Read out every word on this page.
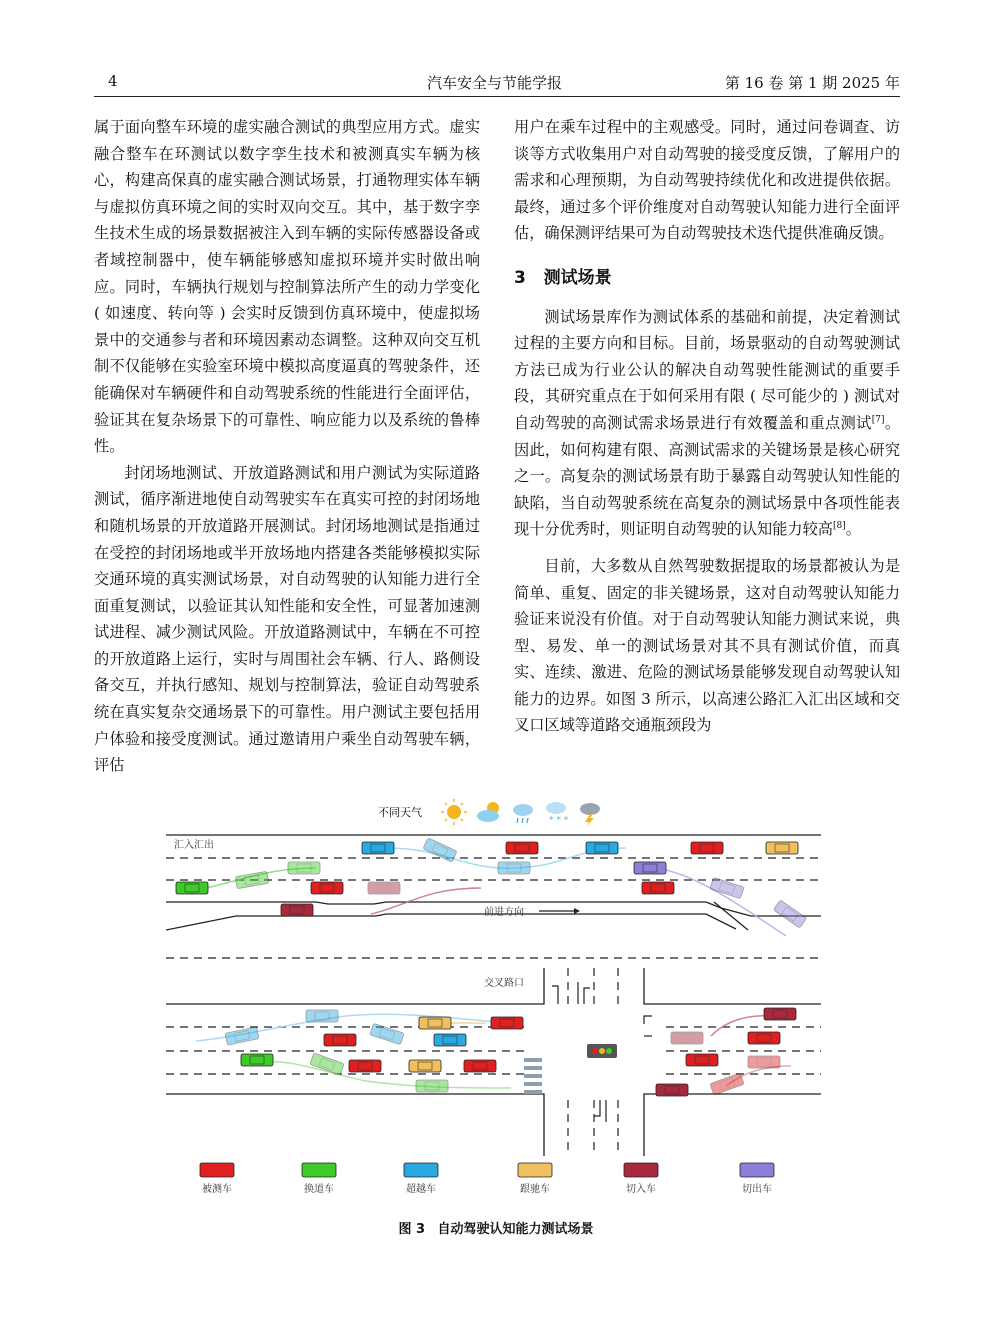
4	汽车安全与节能学报	第 16 卷 第 1 期 2025 年

属于面向整车环境的虚实融合测试的典型应用方式。虚实融合整车在环测试以数字孪生技术和被测真实车辆为核心，构建高保真的虚实融合测试场景，打通物理实体车辆与虚拟仿真环境之间的实时双向交互。其中，基于数字孪生技术生成的场景数据被注入到车辆的实际传感器设备或者域控制器中，使车辆能够感知虚拟环境并实时做出响应。同时，车辆执行规划与控制算法所产生的动力学变化 ( 如速度、转向等 ) 会实时反馈到仿真环境中，使虚拟场景中的交通参与者和环境因素动态调整。这种双向交互机制不仅能够在实验室环境中模拟高度逼真的驾驶条件，还能确保对车辆硬件和自动驾驶系统的性能进行全面评估，验证其在复杂场景下的可靠性、响应能力以及系统的鲁棒性。

封闭场地测试、开放道路测试和用户测试为实际道路测试，循序渐进地使自动驾驶实车在真实可控的封闭场地和随机场景的开放道路开展测试。封闭场地测试是指通过在受控的封闭场地或半开放场地内搭建各类能够模拟实际交通环境的真实测试场景，对自动驾驶的认知能力进行全面重复测试，以验证其认知性能和安全性，可显著加速测试进程、减少测试风险。开放道路测试中，车辆在不可控的开放道路上运行，实时与周围社会车辆、行人、路侧设备交互，并执行感知、规划与控制算法，验证自动驾驶系统在真实复杂交通场景下的可靠性。用户测试主要包括用户体验和接受度测试。通过邀请用户乘坐自动驾驶车辆，评估

用户在乘车过程中的主观感受。同时，通过问卷调查、访谈等方式收集用户对自动驾驶的接受度反馈，了解用户的需求和心理预期，为自动驾驶持续优化和改进提供依据。最终，通过多个评价维度对自动驾驶认知能力进行全面评估，确保测评结果可为自动驾驶技术迭代提供准确反馈。

3 测试场景

测试场景库作为测试体系的基础和前提，决定着测试过程的主要方向和目标。目前，场景驱动的自动驾驶测试方法已成为行业公认的解决自动驾驶性能测试的重要手段，其研究重点在于如何采用有限 ( 尽可能少的 ) 测试对自动驾驶的高测试需求场景进行有效覆盖和重点测试[7]。因此，如何构建有限、高测试需求的关键场景是核心研究之一。高复杂的测试场景有助于暴露自动驾驶认知性能的缺陷，当自动驾驶系统在高复杂的测试场景中各项性能表现十分优秀时，则证明自动驾驶的认知能力较高[8]。

目前，大多数从自然驾驶数据提取的场景都被认为是简单、重复、固定的非关键场景，这对自动驾驶认知能力验证来说没有价值。对于自动驾驶认知能力测试来说，典型、易发、单一的测试场景对其不具有测试价值，而真实、连续、激进、危险的测试场景能够发现自动驾驶认知能力的边界。如图 3 所示，以高速公路汇入汇出区域和交叉口区域等道路交通瓶颈段为

不同天气
* * *
汇入汇出
前进方向
交叉路口
被测车	换道车	超越车	跟驰车	切入车	切出车
图 3 自动驾驶认知能力测试场景
